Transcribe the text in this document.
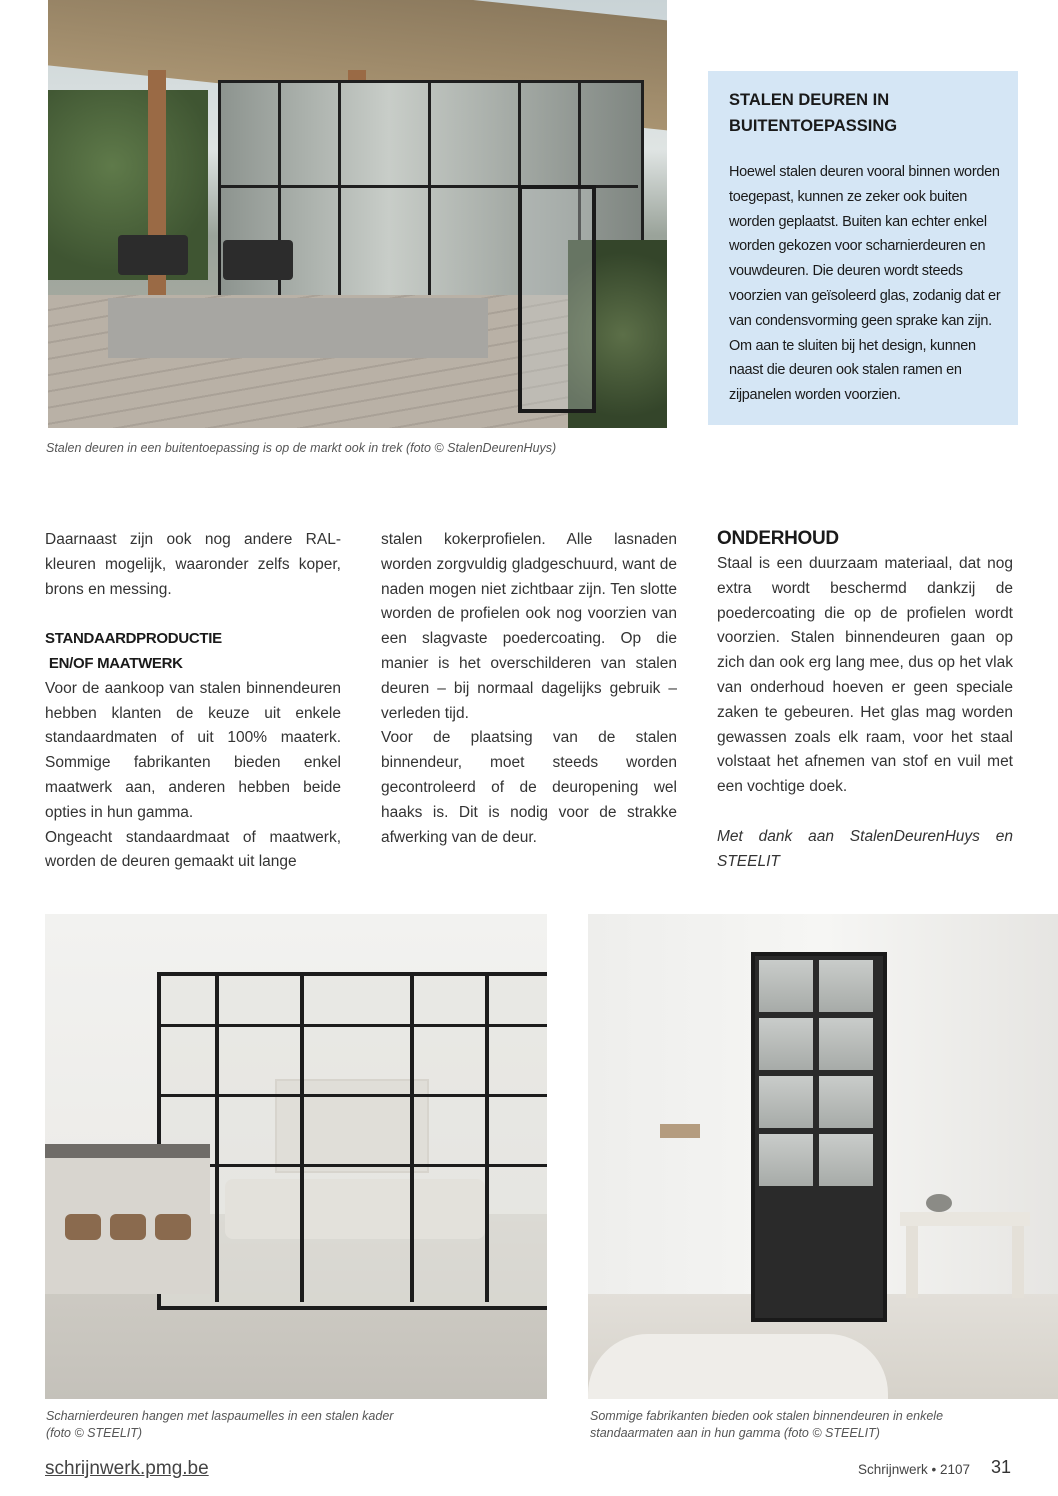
Stalen deuren in een buitentoepassing is op de markt ook in trek (foto © StalenDeurenHuys)
STALEN DEUREN IN
BUITENTOEPASSING
Hoewel stalen deuren vooral binnen worden toegepast, kunnen ze zeker ook buiten worden geplaatst. Buiten kan echter enkel worden gekozen voor scharnierdeuren en vouwdeuren. Die deuren wordt steeds voorzien van geïsoleerd glas, zodanig dat er van condensvorming geen sprake kan zijn. Om aan te sluiten bij het design, kunnen naast die deuren ook stalen ramen en zijpanelen worden voorzien.

Daarnaast zijn ook nog andere RAL-kleuren mogelijk, waaronder zelfs koper, brons en messing.

STANDAARDPRODUCTIE
EN/OF MAATWERK

Voor de aankoop van stalen binnendeuren hebben klanten de keuze uit enkele standaardmaten of uit 100% maaterk. Sommige fabrikanten bieden enkel maatwerk aan, anderen hebben beide opties in hun gamma.

Ongeacht standaardmaat of maatwerk, worden de deuren gemaakt uit lange

stalen kokerprofielen. Alle lasnaden worden zorgvuldig gladgeschuurd, want de naden mogen niet zichtbaar zijn. Ten slotte worden de profielen ook nog voorzien van een slagvaste poedercoating. Op die manier is het overschilderen van stalen deuren – bij normaal dagelijks gebruik – verleden tijd.

Voor de plaatsing van de stalen binnendeur, moet steeds worden gecontroleerd of de deuropening wel haaks is. Dit is nodig voor de strakke afwerking van de deur.

ONDERHOUD

Staal is een duurzaam materiaal, dat nog extra wordt beschermd dankzij de poedercoating die op de profielen wordt voorzien. Stalen binnendeuren gaan op zich dan ook erg lang mee, dus op het vlak van onderhoud hoeven er geen speciale zaken te gebeuren. Het glas mag worden gewassen zoals elk raam, voor het staal volstaat het afnemen van stof en vuil met een vochtige doek.

Met dank aan StalenDeurenHuys en STEELIT

Scharnierdeuren hangen met laspaumelles in een stalen kader
(foto © STEELIT)
Sommige fabrikanten bieden ook stalen binnendeuren in enkele
standaarmaten aan in hun gamma (foto © STEELIT)
schrijnwerk.pmg.be	Schrijnwerk • 2107 31
